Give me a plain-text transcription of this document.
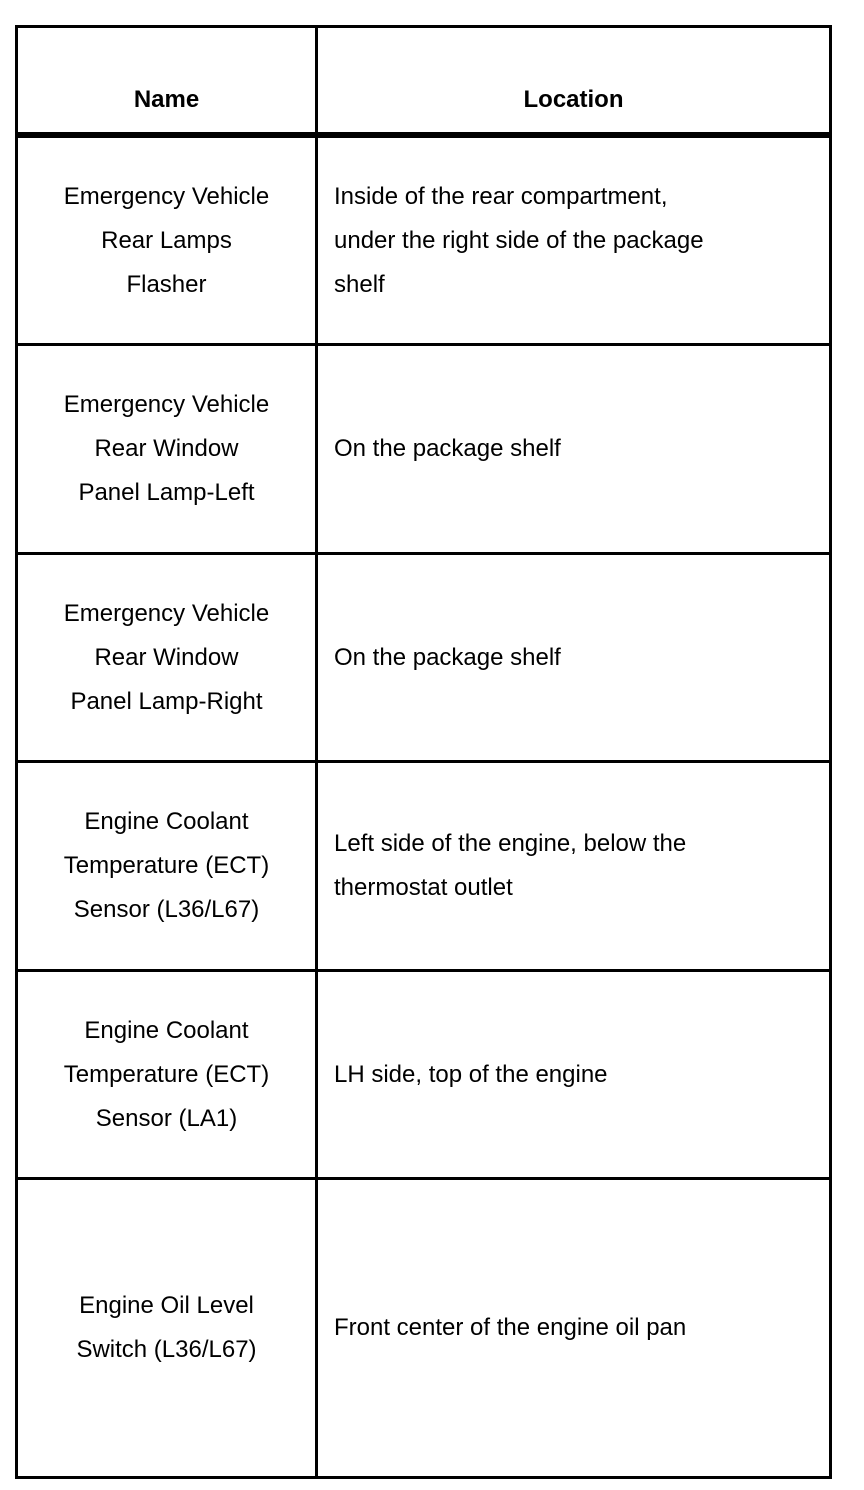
Name	Location
Emergency Vehicle
Rear Lamps
Flasher
Inside of the rear compartment,
under the right side of the package
shelf
Emergency Vehicle
Rear Window
Panel Lamp-Left
On the package shelf
Emergency Vehicle
Rear Window
Panel Lamp-Right
On the package shelf
Engine Coolant
Temperature (ECT)
Sensor (L36/L67)
Left side of the engine, below the
thermostat outlet
Engine Coolant
Temperature (ECT)
Sensor (LA1)
LH side, top of the engine
Engine Oil Level
Switch (L36/L67)
Front center of the engine oil pan
